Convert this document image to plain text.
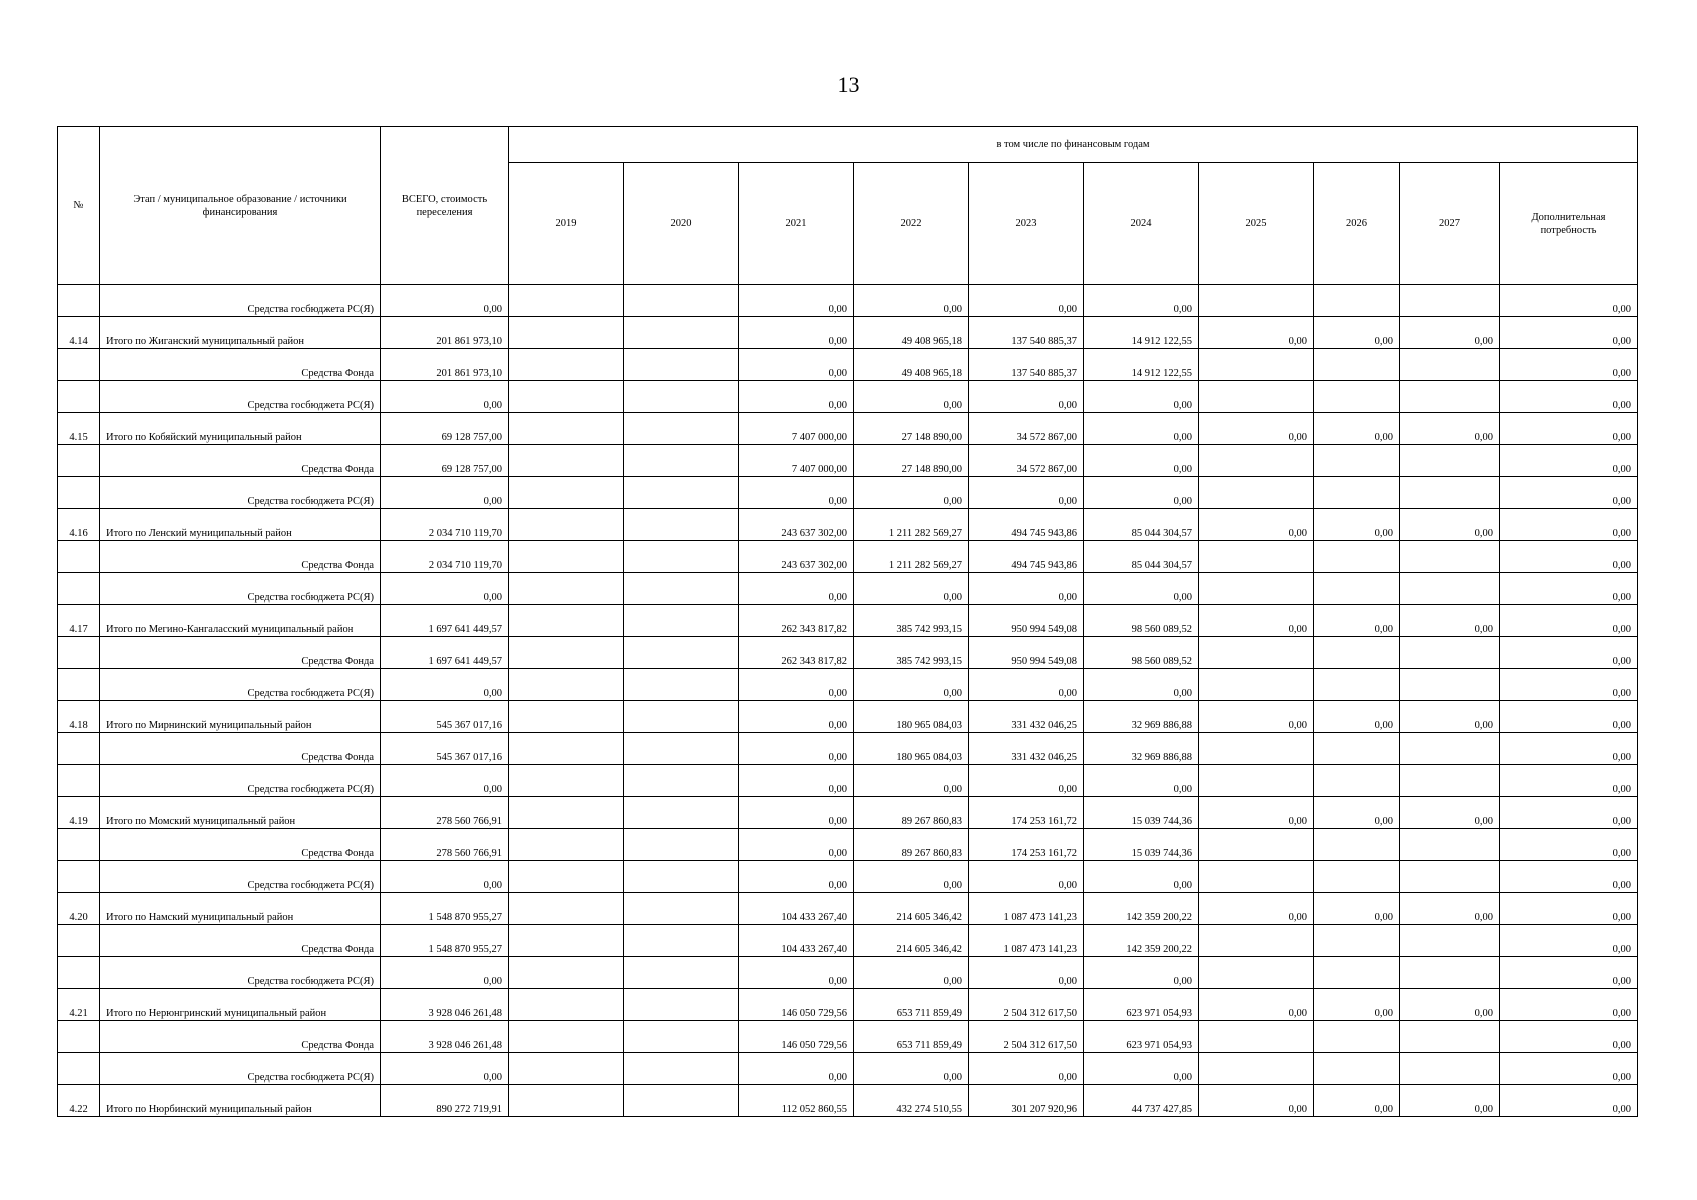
13
№	Этап / муниципальное образование / источники финансирования	ВСЕГО, стоимость переселения	в том числе по финансовым годам									
			2019	2020	2021	2022	2023	2024	2025	2026	2027	Дополнительная потребность
	Средства госбюджета РС(Я)	0,00			0,00	0,00	0,00	0,00				0,00
4.14	Итого по Жиганский муниципальный район	201 861 973,10			0,00	49 408 965,18	137 540 885,37	14 912 122,55	0,00	0,00	0,00	0,00
	Средства Фонда	201 861 973,10			0,00	49 408 965,18	137 540 885,37	14 912 122,55				0,00
	Средства госбюджета РС(Я)	0,00			0,00	0,00	0,00	0,00				0,00
4.15	Итого по Кобяйский муниципальный район	69 128 757,00			7 407 000,00	27 148 890,00	34 572 867,00	0,00	0,00	0,00	0,00	0,00
	Средства Фонда	69 128 757,00			7 407 000,00	27 148 890,00	34 572 867,00	0,00				0,00
	Средства госбюджета РС(Я)	0,00			0,00	0,00	0,00	0,00				0,00
4.16	Итого по Ленский муниципальный район	2 034 710 119,70			243 637 302,00	1 211 282 569,27	494 745 943,86	85 044 304,57	0,00	0,00	0,00	0,00
	Средства Фонда	2 034 710 119,70			243 637 302,00	1 211 282 569,27	494 745 943,86	85 044 304,57				0,00
	Средства госбюджета РС(Я)	0,00			0,00	0,00	0,00	0,00				0,00
4.17	Итого по Мегино-Кангаласский муниципальный район	1 697 641 449,57			262 343 817,82	385 742 993,15	950 994 549,08	98 560 089,52	0,00	0,00	0,00	0,00
	Средства Фонда	1 697 641 449,57			262 343 817,82	385 742 993,15	950 994 549,08	98 560 089,52				0,00
	Средства госбюджета РС(Я)	0,00			0,00	0,00	0,00	0,00				0,00
4.18	Итого по Мирнинский муниципальный район	545 367 017,16			0,00	180 965 084,03	331 432 046,25	32 969 886,88	0,00	0,00	0,00	0,00
	Средства Фонда	545 367 017,16			0,00	180 965 084,03	331 432 046,25	32 969 886,88				0,00
	Средства госбюджета РС(Я)	0,00			0,00	0,00	0,00	0,00				0,00
4.19	Итого по Момский муниципальный район	278 560 766,91			0,00	89 267 860,83	174 253 161,72	15 039 744,36	0,00	0,00	0,00	0,00
	Средства Фонда	278 560 766,91			0,00	89 267 860,83	174 253 161,72	15 039 744,36				0,00
	Средства госбюджета РС(Я)	0,00			0,00	0,00	0,00	0,00				0,00
4.20	Итого по Намский муниципальный район	1 548 870 955,27			104 433 267,40	214 605 346,42	1 087 473 141,23	142 359 200,22	0,00	0,00	0,00	0,00
	Средства Фонда	1 548 870 955,27			104 433 267,40	214 605 346,42	1 087 473 141,23	142 359 200,22				0,00
	Средства госбюджета РС(Я)	0,00			0,00	0,00	0,00	0,00				0,00
4.21	Итого по Нерюнгринский муниципальный район	3 928 046 261,48			146 050 729,56	653 711 859,49	2 504 312 617,50	623 971 054,93	0,00	0,00	0,00	0,00
	Средства Фонда	3 928 046 261,48			146 050 729,56	653 711 859,49	2 504 312 617,50	623 971 054,93				0,00
	Средства госбюджета РС(Я)	0,00			0,00	0,00	0,00	0,00				0,00
4.22	Итого по Нюрбинский муниципальный район	890 272 719,91			112 052 860,55	432 274 510,55	301 207 920,96	44 737 427,85	0,00	0,00	0,00	0,00
